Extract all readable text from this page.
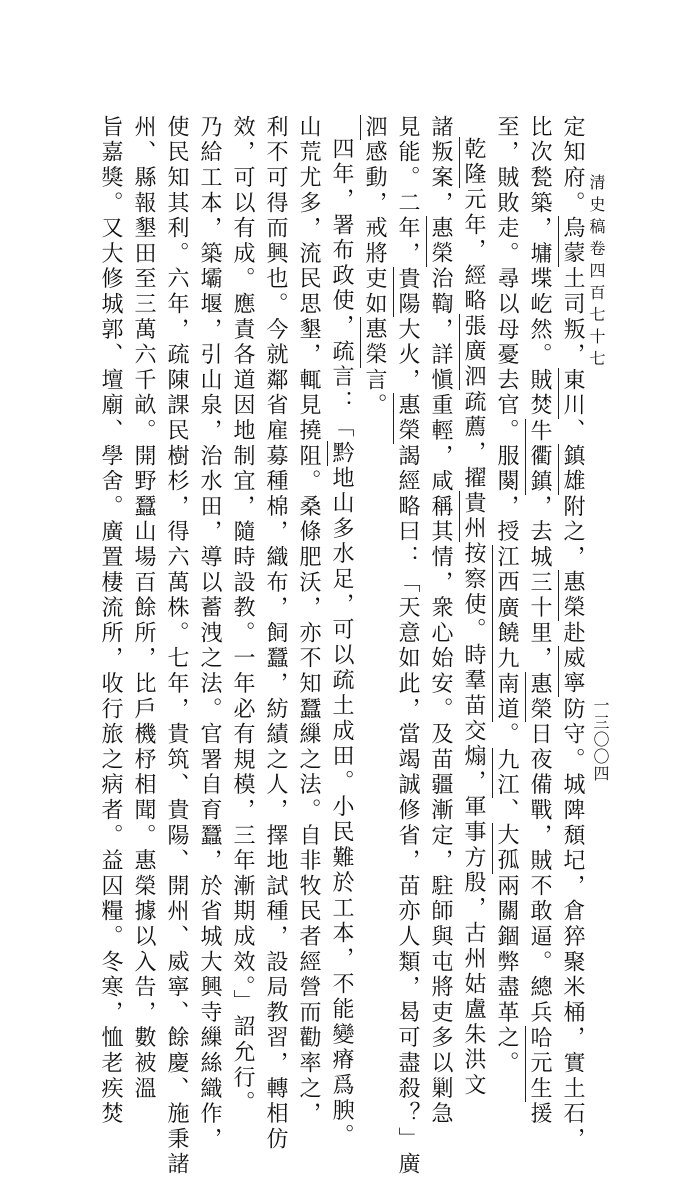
清史稿卷四百七十七
一三〇〇四
定知府。烏蒙土司叛，東川、鎮雄附之，惠榮赴威寧防守。城陴頹圮，倉猝聚米桶，實土石，
比次甃築，墉堞屹然。賊焚牛衢鎮，去城三十里，惠榮日夜備戰，賊不敢逼。總兵哈元生援
至，賊敗走。尋以母憂去官。服闋，授江西廣饒九南道。九江、大孤兩關錮弊盡革之。
乾隆元年，經略張廣泗疏薦，擢貴州按察使。時羣苗交煽，軍事方殷，古州姑盧朱洪文
諸叛案，惠榮治鞫，詳愼重輕，咸稱其情，衆心始安。及苗疆漸定，駐師與屯將吏多以剿急
見能。二年，貴陽大火，惠榮謁經略曰：「天意如此，當竭誠修省，苗亦人類，曷可盡殺？」廣
泗感動，戒將吏如惠榮言。
四年，署布政使，疏言：「黔地山多水足，可以疏土成田。小民難於工本，不能變瘠爲腴。
山荒尤多，流民思墾，輒見撓阻。桑條肥沃，亦不知蠶繅之法。自非牧民者經營而勸率之，
利不可得而興也。今就鄰省雇募種棉，織布，飼蠶，紡績之人，擇地試種，設局教習，轉相仿
效，可以有成。應責各道因地制宜，隨時設教。一年必有規模，三年漸期成效。」詔允行。
乃給工本，築壩堰，引山泉，治水田，導以蓄洩之法。官署自育蠶，於省城大興寺繅絲織作，
使民知其利。六年，疏陳課民樹杉，得六萬株。七年，貴筑、貴陽、開州、威寧、餘慶、施秉諸
州、縣報墾田至三萬六千畝。開野蠶山場百餘所，比戶機杼相聞。惠榮據以入告，數被溫
旨嘉獎。又大修城郭、壇廟、學舍。廣置棲流所，收行旅之病者。益囚糧。冬寒，恤老疾焚
